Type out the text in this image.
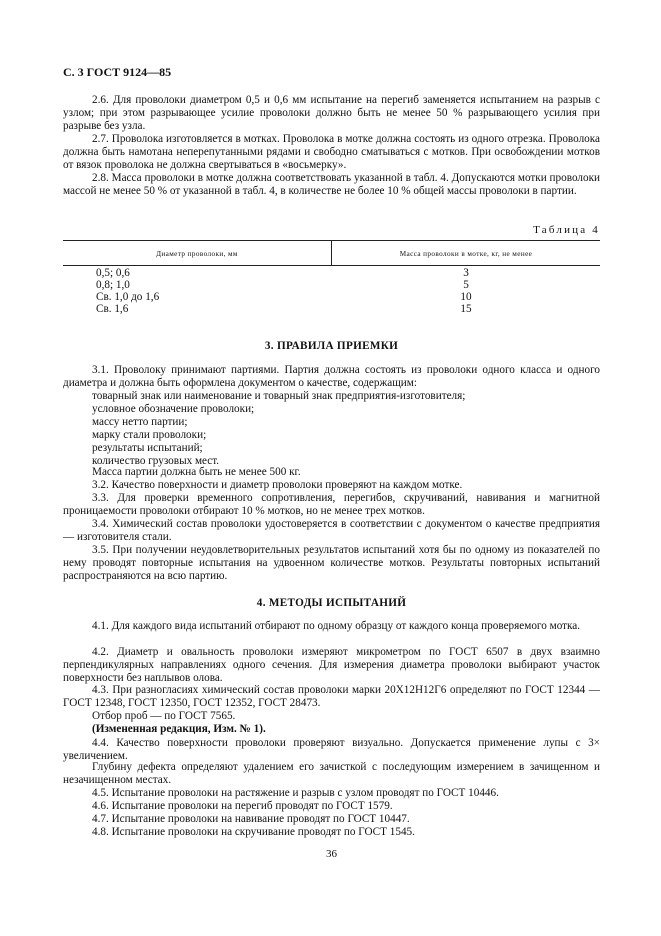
С. 3 ГОСТ 9124—85
2.6. Для проволоки диаметром 0,5 и 0,6 мм испытание на перегиб заменяется испытанием на разрыв с узлом; при этом разрывающее усилие проволоки должно быть не менее 50 % разрывающего усилия при разрыве без узла.
2.7. Проволока изготовляется в мотках. Проволока в мотке должна состоять из одного отрезка. Проволока должна быть намотана неперепутанными рядами и свободно сматываться с мотков. При освобождении мотков от вязок проволока не должна свертываться в «восьмерку».
2.8. Масса проволоки в мотке должна соответствовать указанной в табл. 4. Допускаются мотки проволоки массой не менее 50 % от указанной в табл. 4, в количестве не более 10 % общей массы проволоки в партии.
Таблица 4
Диаметр проволоки, мм	Масса проволоки в мотке, кг, не менее
0,5; 0,6	3
0,8; 1,0	5
Св. 1,0 до 1,6	10
Св. 1,6	15
3. ПРАВИЛА ПРИЕМКИ
3.1. Проволоку принимают партиями. Партия должна состоять из проволоки одного класса и одного диаметра и должна быть оформлена документом о качестве, содержащим:
товарный знак или наименование и товарный знак предприятия-изготовителя;
условное обозначение проволоки;
массу нетто партии;
марку стали проволоки;
результаты испытаний;
количество грузовых мест.
Масса партии должна быть не менее 500 кг.
3.2. Качество поверхности и диаметр проволоки проверяют на каждом мотке.
3.3. Для проверки временного сопротивления, перегибов, скручиваний, навивания и магнитной проницаемости проволоки отбирают 10 % мотков, но не менее трех мотков.
3.4. Химический состав проволоки удостоверяется в соответствии с документом о качестве предприятия — изготовителя стали.
3.5. При получении неудовлетворительных результатов испытаний хотя бы по одному из показателей по нему проводят повторные испытания на удвоенном количестве мотков. Результаты повторных испытаний распространяются на всю партию.
4. МЕТОДЫ ИСПЫТАНИЙ
4.1. Для каждого вида испытаний отбирают по одному образцу от каждого конца проверяемого мотка.
4.2. Диаметр и овальность проволоки измеряют микрометром по ГОСТ 6507 в двух взаимно перпендикулярных направлениях одного сечения. Для измерения диаметра проволоки выбирают участок поверхности без наплывов олова.
4.3. При разногласиях химический состав проволоки марки 20Х12Н12Г6 определяют по ГОСТ 12344 — ГОСТ 12348, ГОСТ 12350, ГОСТ 12352, ГОСТ 28473.
Отбор проб — по ГОСТ 7565.
(Измененная редакция, Изм. № 1).
4.4. Качество поверхности проволоки проверяют визуально. Допускается применение лупы с 3× увеличением.
Глубину дефекта определяют удалением его зачисткой с последующим измерением в зачищенном и незачищенном местах.
4.5. Испытание проволоки на растяжение и разрыв с узлом проводят по ГОСТ 10446.
4.6. Испытание проволоки на перегиб проводят по ГОСТ 1579.
4.7. Испытание проволоки на навивание проводят по ГОСТ 10447.
4.8. Испытание проволоки на скручивание проводят по ГОСТ 1545.
36
